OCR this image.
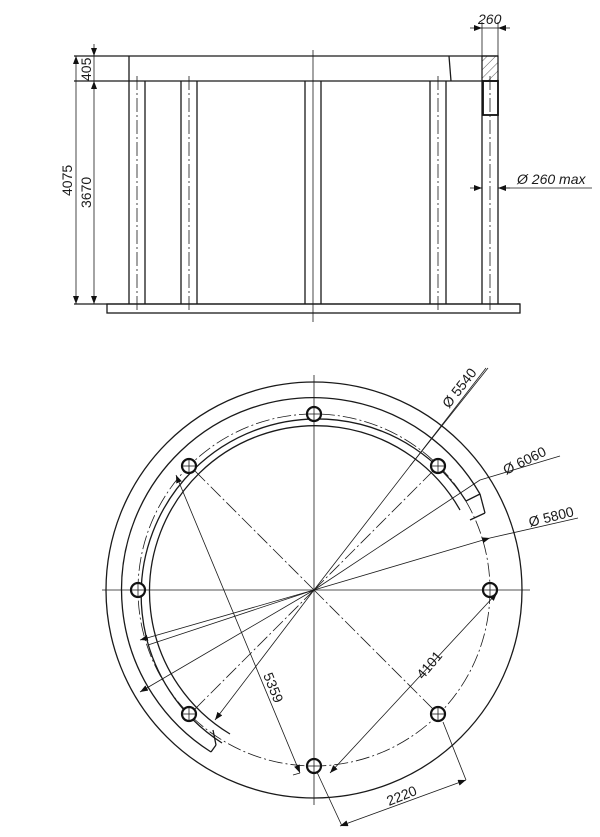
4075 3670
405
260
Ø 260 max
Ø 5540
Ø 6060
Ø 5800
5359
4101
2220
